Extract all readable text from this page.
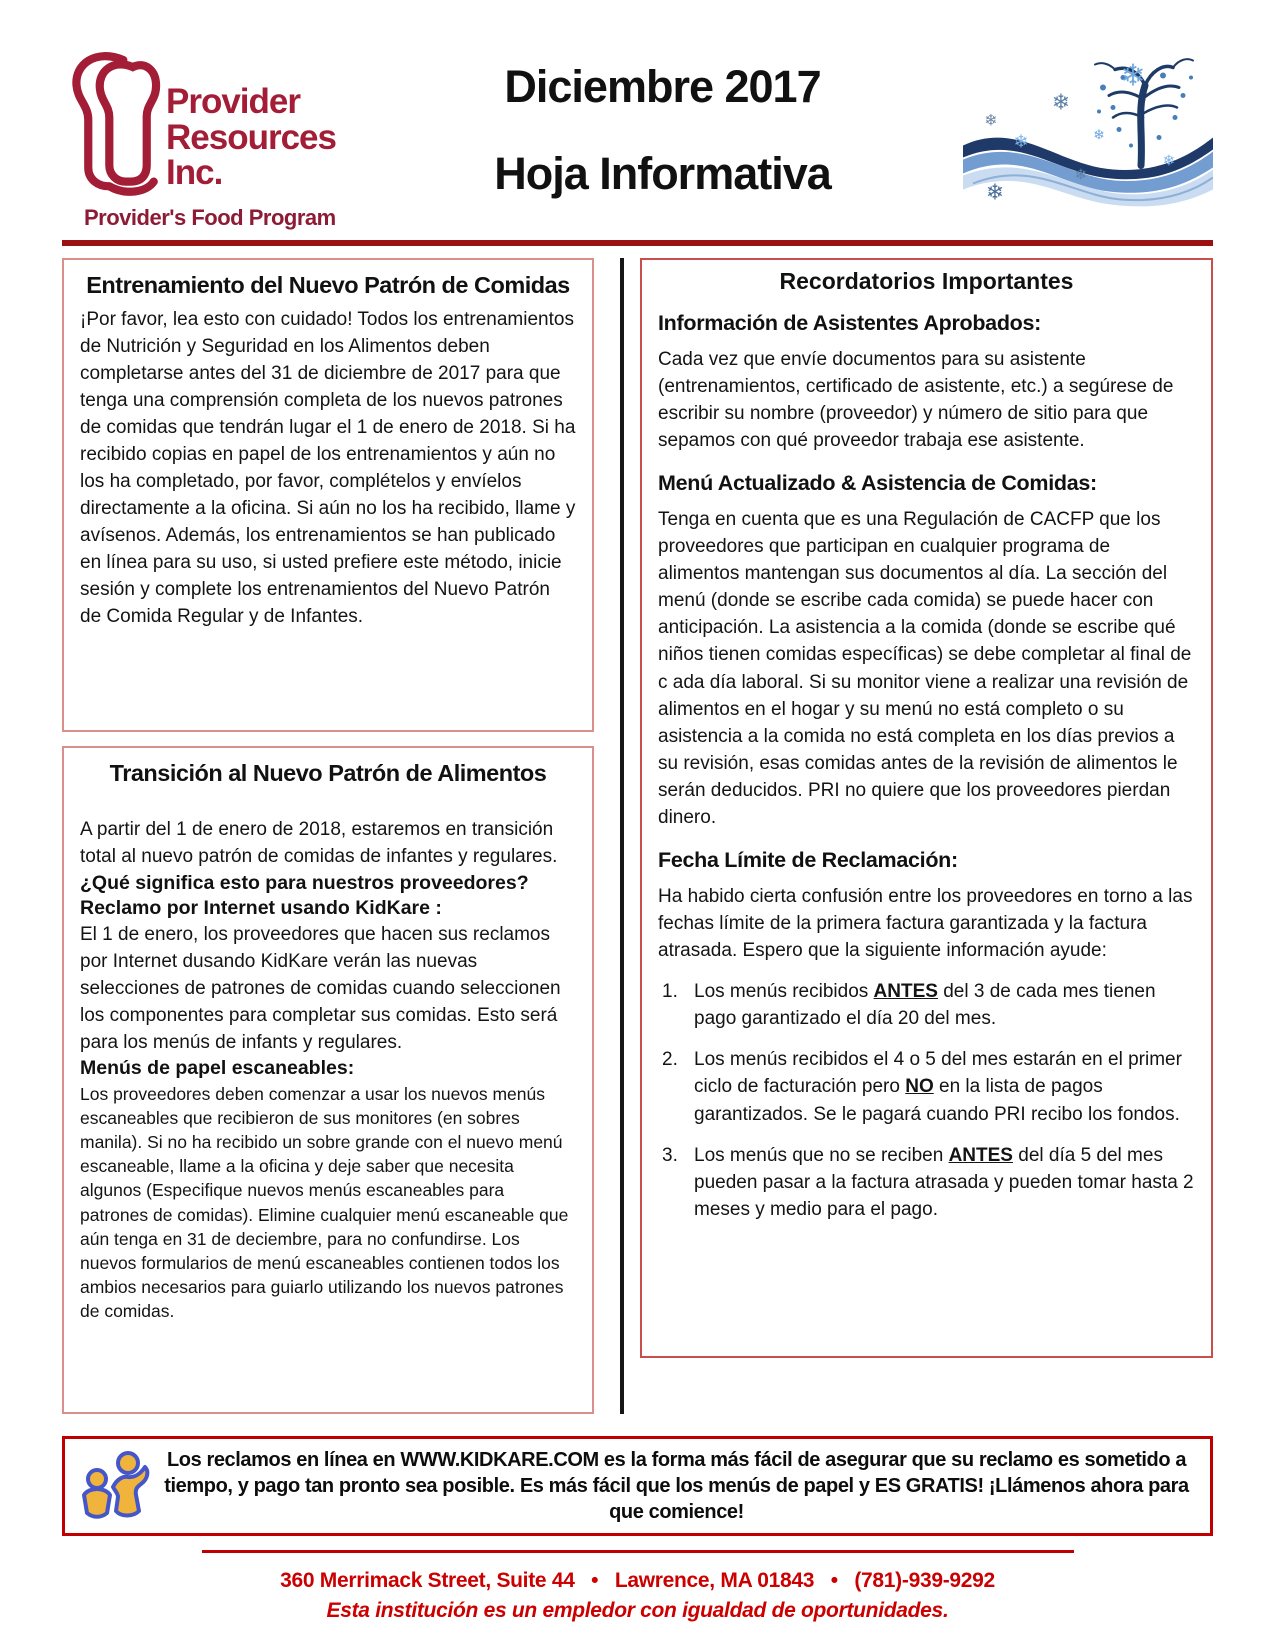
Provider
Resources
Inc.
Provider's Food Program
Diciembre 2017
Hoja Informativa
❄
❄
❄
❄	❄
❄
❄
❄
Entrenamiento del Nuevo Patrón de Comidas

¡Por favor, lea esto con cuidado! Todos los entrenamientos de Nutrición y Seguridad en los Alimentos deben completarse antes del 31 de diciembre de 2017 para que tenga una comprensión completa de los nuevos patrones de comidas que tendrán lugar el 1 de enero de 2018. Si ha recibido copias en papel de los entrenamientos y aún no los ha completado, por favor, complételos y envíelos directamente a la oficina. Si aún no los ha recibido, llame y avísenos. Además, los entrenamientos se han publicado en línea para su uso, si usted prefiere este método, inicie sesión y complete los entrenamientos del Nuevo Patrón de Comida Regular y de Infantes.

Transición al Nuevo Patrón de Alimentos

A partir del 1 de enero de 2018, estaremos en transición total al nuevo patrón de comidas de infantes y regulares.

¿Qué significa esto para nuestros proveedores?
Reclamo por Internet usando KidKare :

El 1 de enero, los proveedores que hacen sus reclamos por Internet dusando KidKare verán las nuevas selecciones de patrones de comidas cuando seleccionen los componentes para completar sus comidas. Esto será para los menús de infants y regulares.

Menús de papel escaneables:

Los proveedores deben comenzar a usar los nuevos menús escaneables que recibieron de sus monitores (en sobres manila). Si no ha recibido un sobre grande con el nuevo menú escaneable, llame a la oficina y deje saber que necesita algunos (Especifique nuevos menús escaneables para patrones de comidas). Elimine cualquier menú escaneable que aún tenga en 31 de deciembre, para no confundirse. Los nuevos formularios de menú escaneables contienen todos los ambios necesarios para guiarlo utilizando los nuevos patrones de comidas.

Recordatorios Importantes
Información de Asistentes Aprobados:

Cada vez que envíe documentos para su asistente (entrenamientos, certificado de asistente, etc.) a segúrese de escribir su nombre (proveedor) y número de sitio para que sepamos con qué proveedor trabaja ese asistente.

Menú Actualizado & Asistencia de Comidas:

Tenga en cuenta que es una Regulación de CACFP que los proveedores que participan en cualquier programa de alimentos mantengan sus documentos al día. La sección del menú (donde se escribe cada comida) se puede hacer con anticipación. La asistencia a la comida (donde se escribe qué niños tienen comidas específicas) se debe completar al final de c ada día laboral. Si su monitor viene a realizar una revisión de alimentos en el hogar y su menú no está completo o su asistencia a la comida no está completa en los días previos a su revisión, esas comidas antes de la revisión de alimentos le serán deducidos. PRI no quiere que los proveedores pierdan dinero.

Fecha Límite de Reclamación:

Ha habido cierta confusión entre los proveedores en torno a las fechas límite de la primera factura garantizada y la factura atrasada. Espero que la siguiente información ayude:

1. Los menús recibidos ANTES del 3 de cada mes tienen pago garantizado el día 20 del mes.
2. Los menús recibidos el 4 o 5 del mes estarán en el primer ciclo de facturación pero NO en la lista de pagos garantizados. Se le pagará cuando PRI recibo los fondos.
3. Los menús que no se reciben ANTES del día 5 del mes pueden pasar a la factura atrasada y pueden tomar hasta 2 meses y medio para el pago.

Los reclamos en línea en WWW.KIDKARE.COM es la forma más fácil de asegurar que su reclamo es sometido a tiempo, y pago tan pronto sea posible. Es más fácil que los menús de papel y ES GRATIS! ¡Llámenos ahora para que comience!

360 Merrimack Street, Suite 44   •   Lawrence, MA 01843   •   (781)-939-9292
Esta institución es un empledor con igualdad de oportunidades.
